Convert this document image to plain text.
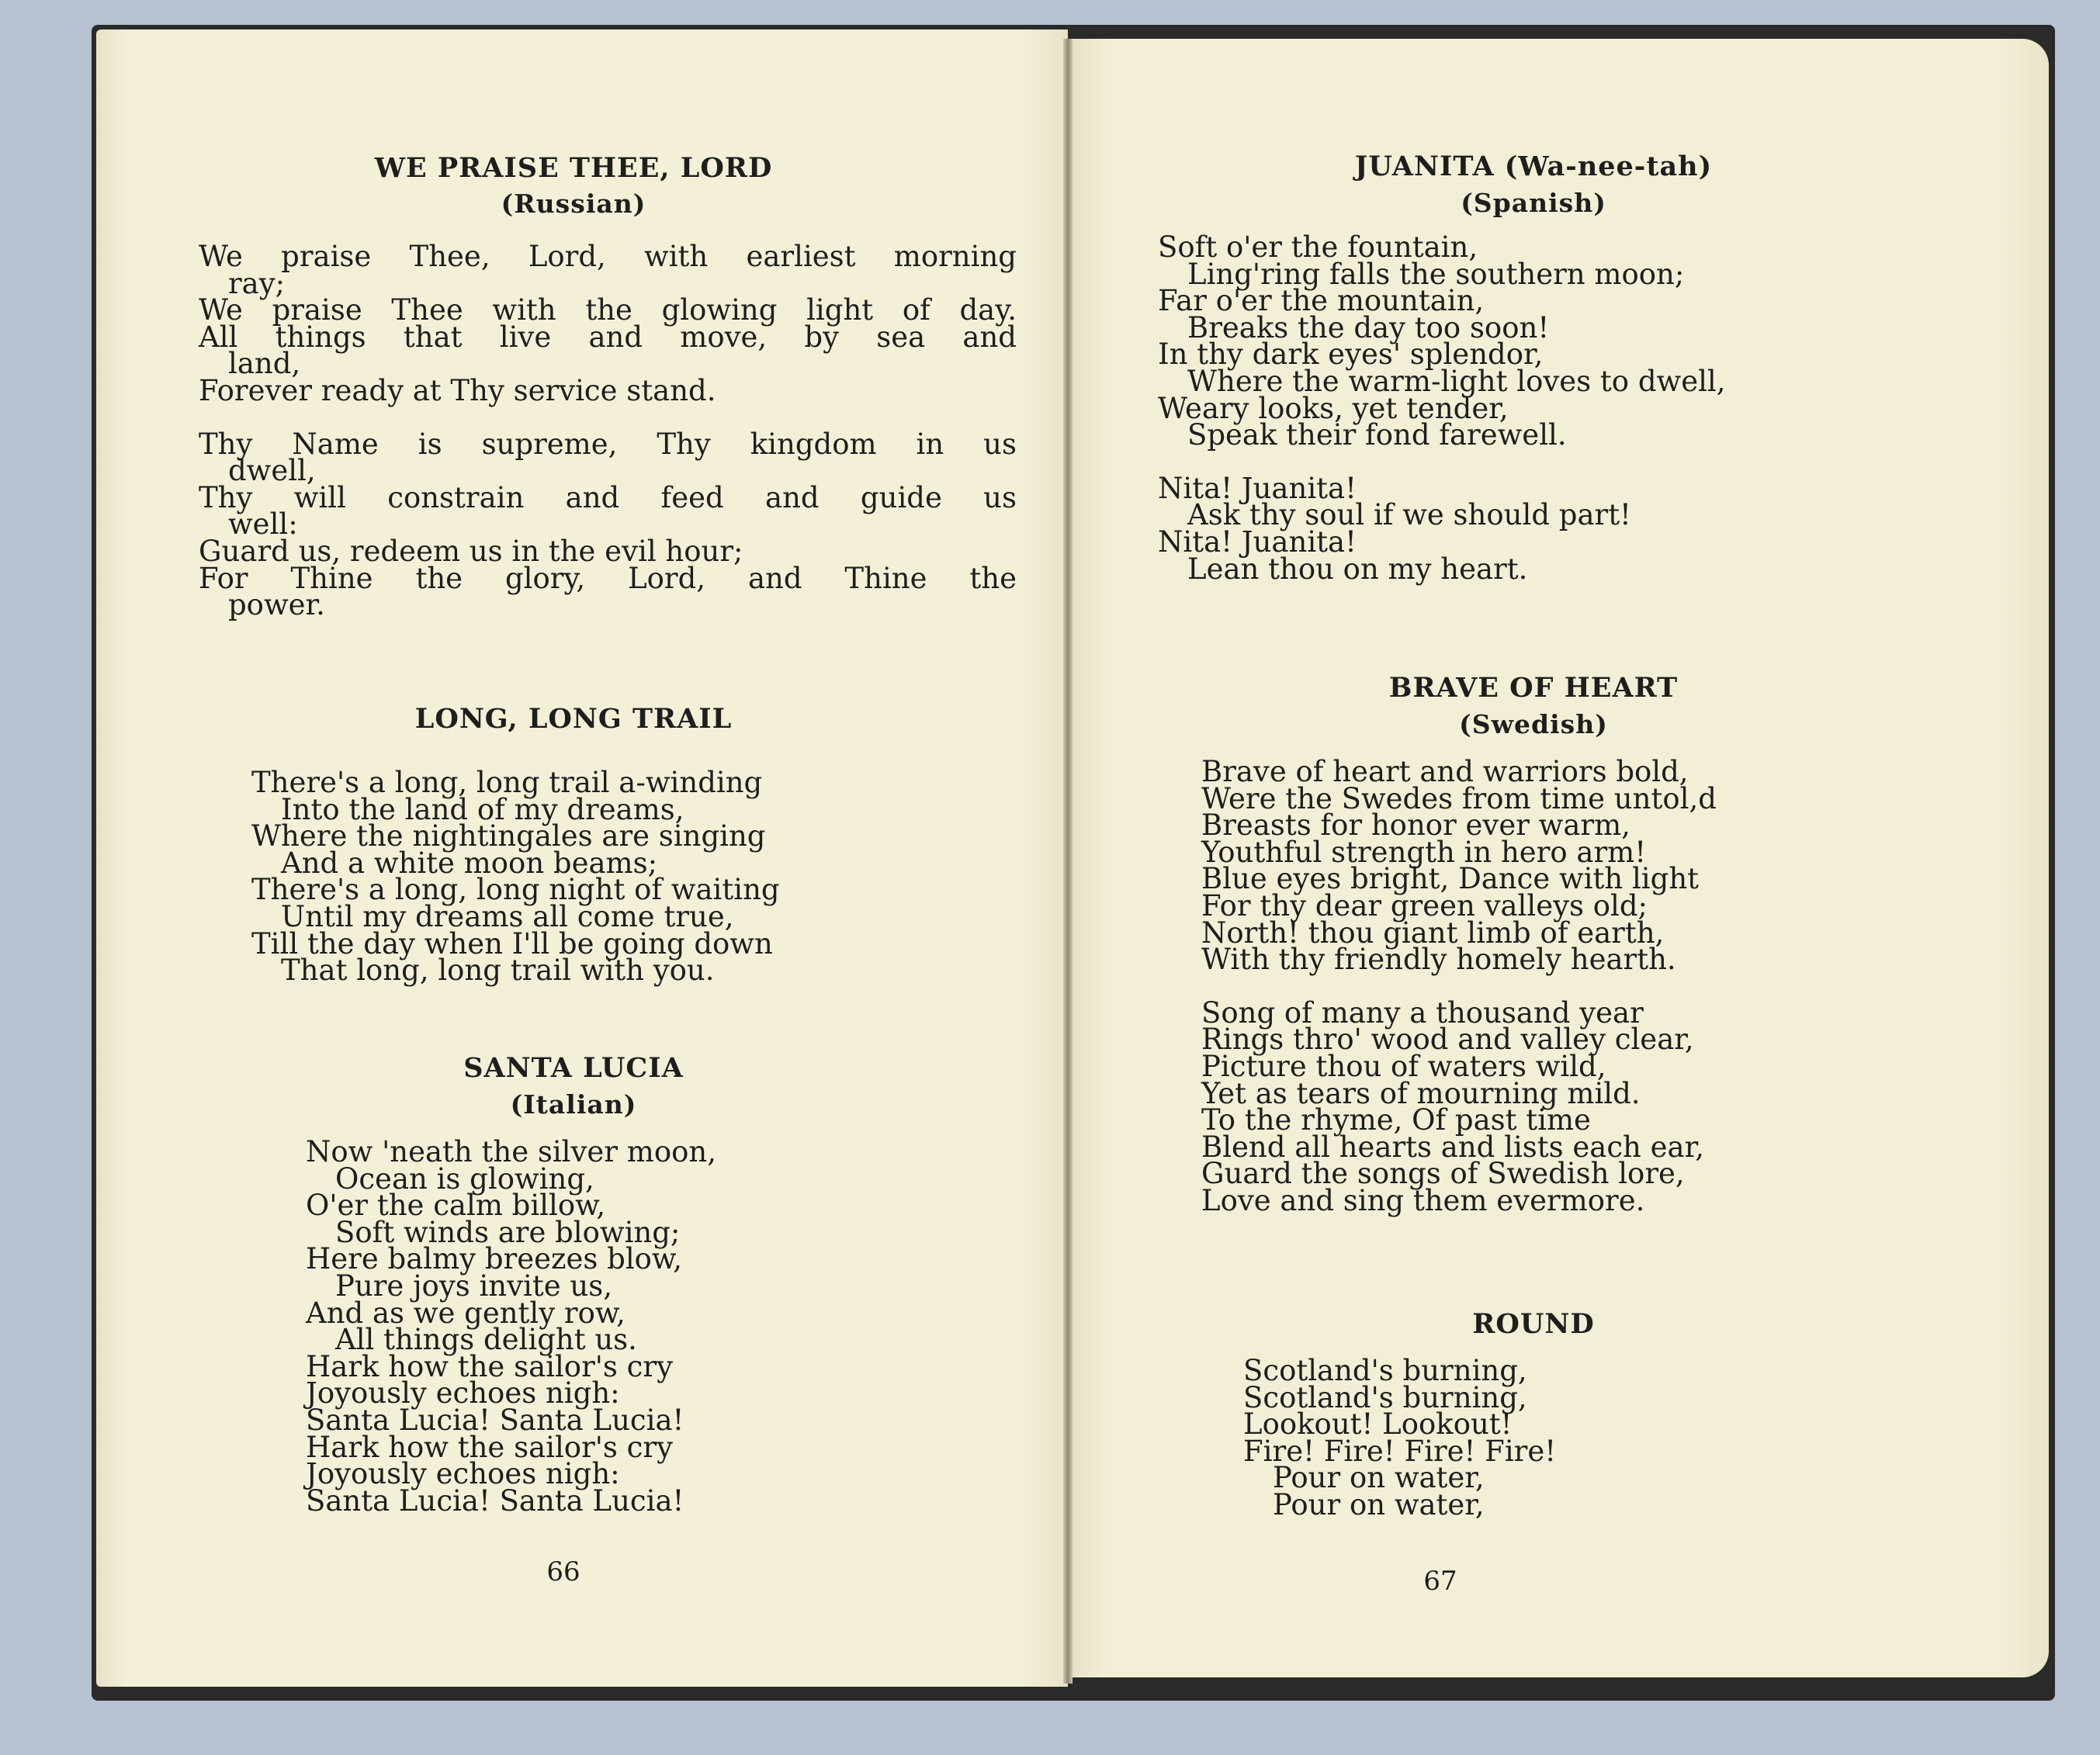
WE PRAISE THEE, LORD
(Russian)
We praise Thee, Lord, with earliest morning
ray;
We praise Thee with the glowing light of day.
All things that live and move, by sea and
land,
Forever ready at Thy service stand.
Thy Name is supreme, Thy kingdom in us
dwell,
Thy will constrain and feed and guide us
well:
Guard us, redeem us in the evil hour;
For Thine the glory, Lord, and Thine the
power.
LONG, LONG TRAIL
There's a long, long trail a-winding
Into the land of my dreams,
Where the nightingales are singing
And a white moon beams;
There's a long, long night of waiting
Until my dreams all come true,
Till the day when I'll be going down
That long, long trail with you.
SANTA LUCIA
(Italian)
Now 'neath the silver moon,
Ocean is glowing,
O'er the calm billow,
Soft winds are blowing;
Here balmy breezes blow,
Pure joys invite us,
And as we gently row,
All things delight us.
Hark how the sailor's cry
Joyously echoes nigh:
Santa Lucia! Santa Lucia!
Hark how the sailor's cry
Joyously echoes nigh:
Santa Lucia! Santa Lucia!
66
JUANITA (Wa-nee-tah)
(Spanish)
Soft o'er the fountain,
Ling'ring falls the southern moon;
Far o'er the mountain,
Breaks the day too soon!
In thy dark eyes' splendor,
Where the warm-light loves to dwell,
Weary looks, yet tender,
Speak their fond farewell.
Nita! Juanita!
Ask thy soul if we should part!
Nita! Juanita!
Lean thou on my heart.
BRAVE OF HEART
(Swedish)
Brave of heart and warriors bold,
Were the Swedes from time untol,d
Breasts for honor ever warm,
Youthful strength in hero arm!
Blue eyes bright, Dance with light
For thy dear green valleys old;
North! thou giant limb of earth,
With thy friendly homely hearth.
Song of many a thousand year
Rings thro' wood and valley clear,
Picture thou of waters wild,
Yet as tears of mourning mild.
To the rhyme, Of past time
Blend all hearts and lists each ear,
Guard the songs of Swedish lore,
Love and sing them evermore.
ROUND
Scotland's burning,
Scotland's burning,
Lookout! Lookout!
Fire! Fire! Fire! Fire!
Pour on water,
Pour on water,
67
